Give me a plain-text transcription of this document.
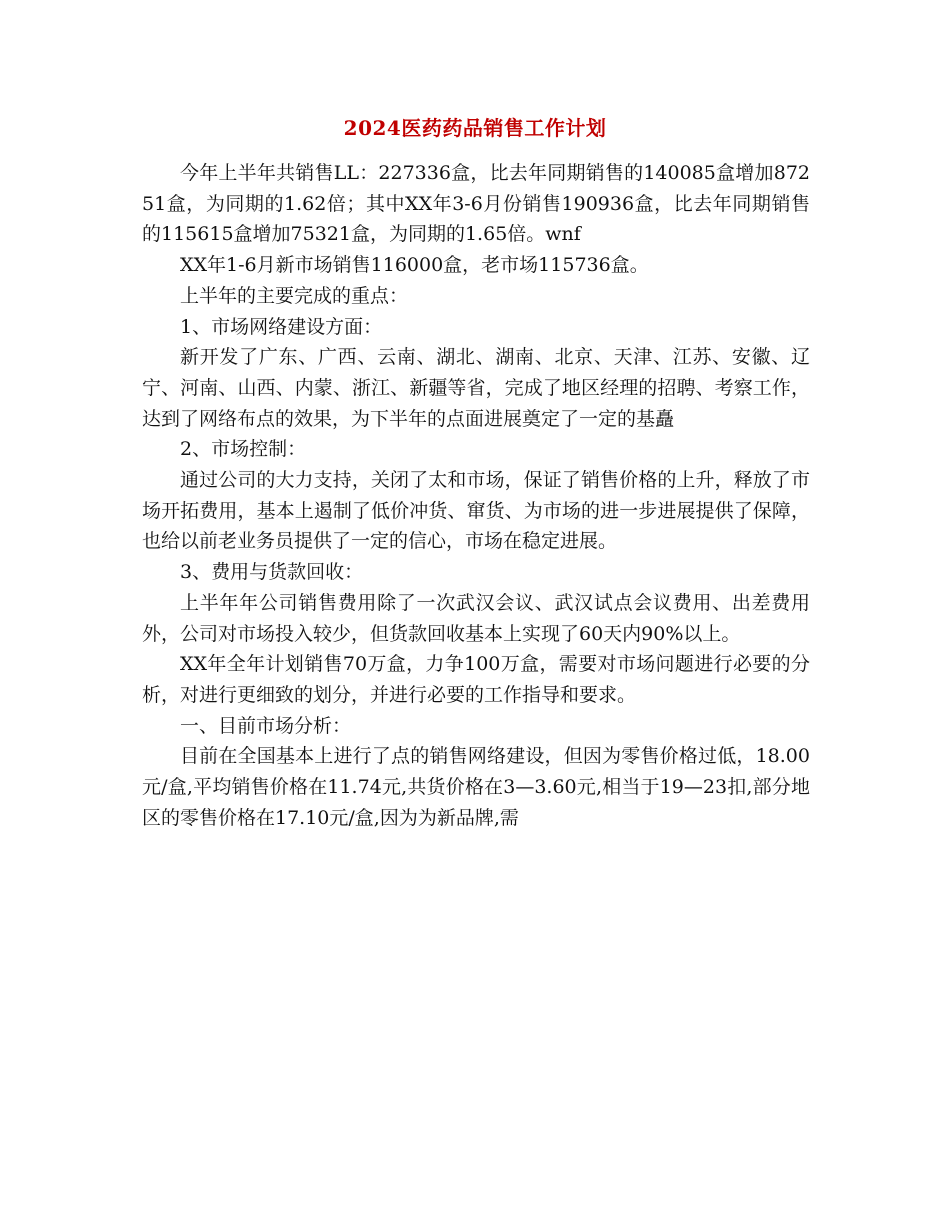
2024医药药品销售工作计划

今年上半年共销售LL：227336盒，比去年同期销售的140085盒增加87251盒，为同期的1.62倍；其中XX年3-6月份销售190936盒，比去年同期销售的115615盒增加75321盒，为同期的1.65倍。wnf

XX年1-6月新市场销售116000盒，老市场115736盒。

上半年的主要完成的重点：

1、市场网络建设方面：

新开发了广东、广西、云南、湖北、湖南、北京、天津、江苏、安徽、辽宁、河南、山西、内蒙、浙江、新疆等省，完成了地区经理的招聘、考察工作，达到了网络布点的效果，为下半年的点面进展奠定了一定的基矗

2、市场控制：

通过公司的大力支持，关闭了太和市场，保证了销售价格的上升，释放了市场开拓费用，基本上遏制了低价冲货、窜货、为市场的进一步进展提供了保障，也给以前老业务员提供了一定的信心，市场在稳定进展。

3、费用与货款回收：

上半年年公司销售费用除了一次武汉会议、武汉试点会议费用、出差费用外，公司对市场投入较少，但货款回收基本上实现了60天内90%以上。

XX年全年计划销售70万盒，力争100万盒，需要对市场问题进行必要的分析，对进行更细致的划分，并进行必要的工作指导和要求。

一、目前市场分析：

目前在全国基本上进行了点的销售网络建设，但因为零售价格过低，18.00元/盒,平均销售价格在11.74元,共货价格在3—3.60元,相当于19—23扣,部分地区的零售价格在17.10元/盒,因为为新品牌,需
